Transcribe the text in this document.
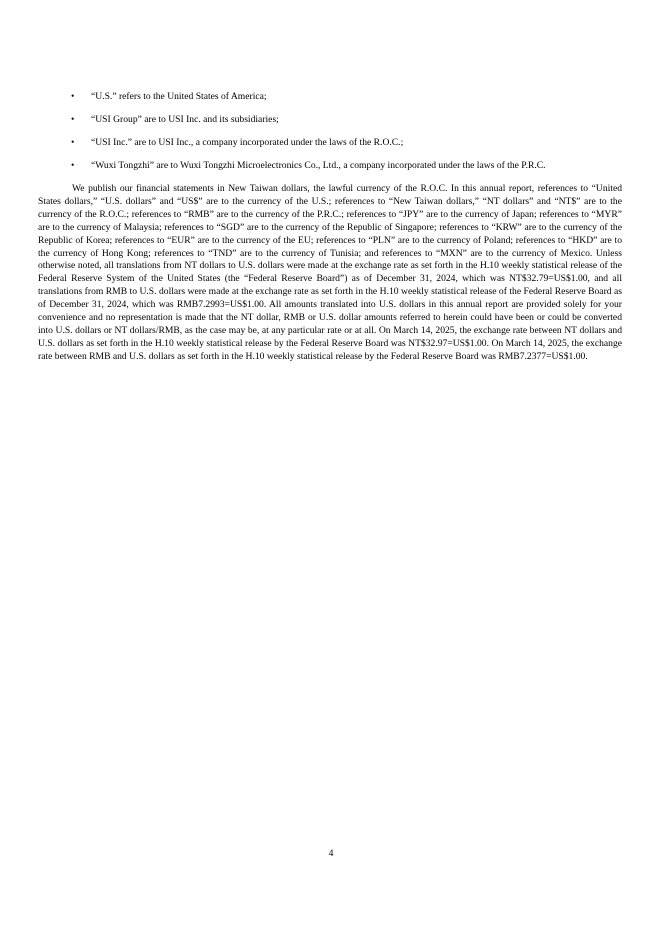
•	“U.S.” refers to the United States of America;
•	“USI Group” are to USI Inc. and its subsidiaries;
•	“USI Inc.” are to USI Inc., a company incorporated under the laws of the R.O.C.;
•	“Wuxi Tongzhi” are to Wuxi Tongzhi Microelectronics Co., Ltd., a company incorporated under the laws of the P.R.C.

We publish our financial statements in New Taiwan dollars, the lawful currency of the R.O.C. In this annual report, references to “United States dollars,” “U.S. dollars” and “US$” are to the currency of the U.S.; references to “New Taiwan dollars,” “NT dollars” and “NT$” are to the currency of the R.O.C.; references to “RMB” are to the currency of the P.R.C.; references to “JPY” are to the currency of Japan; references to “MYR” are to the currency of Malaysia; references to “SGD” are to the currency of the Republic of Singapore; references to “KRW” are to the currency of the Republic of Korea; references to “EUR” are to the currency of the EU; references to “PLN” are to the currency of Poland; references to “HKD” are to the currency of Hong Kong; references to “TND” are to the currency of Tunisia; and references to “MXN” are to the currency of Mexico. Unless otherwise noted, all translations from NT dollars to U.S. dollars were made at the exchange rate as set forth in the H.10 weekly statistical release of the Federal Reserve System of the United States (the “Federal Reserve Board”) as of December 31, 2024, which was NT$32.79=US$1.00, and all translations from RMB to U.S. dollars were made at the exchange rate as set forth in the H.10 weekly statistical release of the Federal Reserve Board as of December 31, 2024, which was RMB7.2993=US$1.00. All amounts translated into U.S. dollars in this annual report are provided solely for your convenience and no representation is made that the NT dollar, RMB or U.S. dollar amounts referred to herein could have been or could be converted into U.S. dollars or NT dollars/RMB, as the case may be, at any particular rate or at all. On March 14, 2025, the exchange rate between NT dollars and U.S. dollars as set forth in the H.10 weekly statistical release by the Federal Reserve Board was NT$32.97=US$1.00. On March 14, 2025, the exchange rate between RMB and U.S. dollars as set forth in the H.10 weekly statistical release by the Federal Reserve Board was RMB7.2377=US$1.00.

4
